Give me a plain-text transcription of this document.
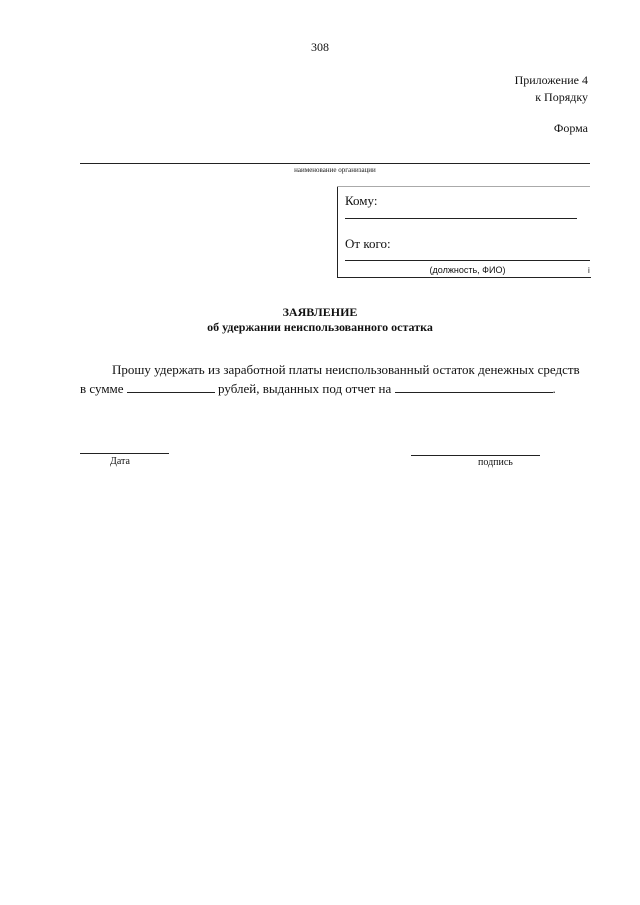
308
Приложение 4
к Порядку
Форма
наименование организации
Кому:
От кого:
(должность, ФИО)	i
ЗАЯВЛЕНИЕ
об удержании неиспользованного остатка
Прошу удержать из заработной платы неиспользованный остаток денежных средств
в сумме	рублей, выданных под отчет на	.
Дата	подпись
